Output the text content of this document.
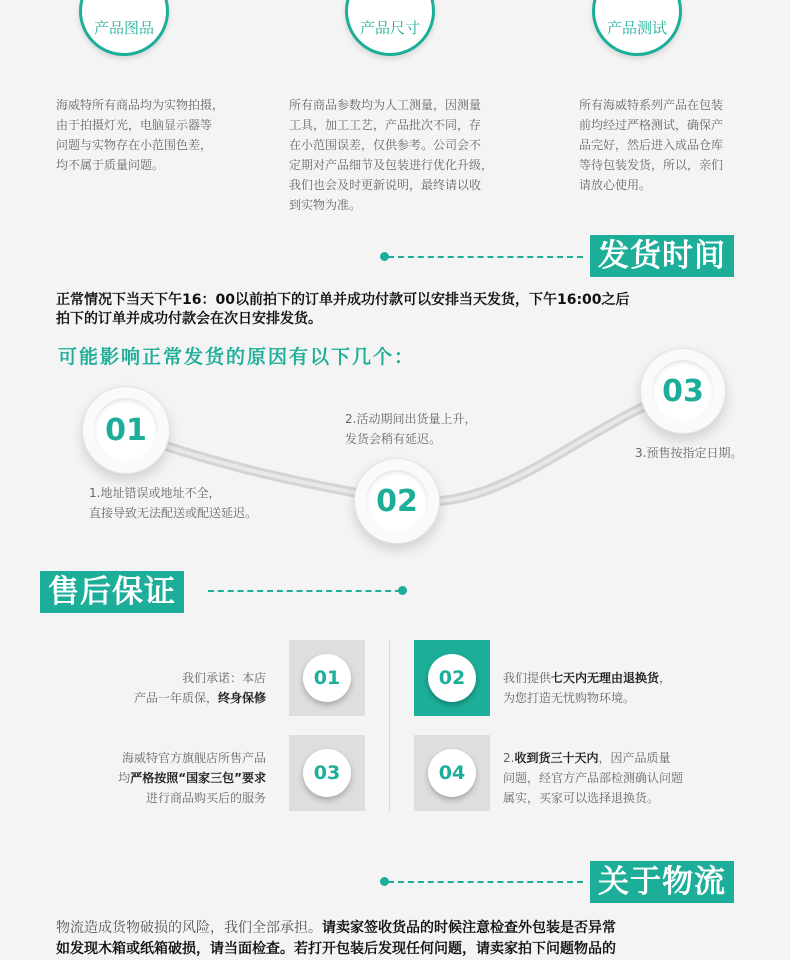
产品图品	产品尺寸	产品测试
海威特所有商品均为实物拍摄，
由于拍摄灯光，电脑显示器等
问题与实物存在小范围色差，
均不属于质量问题。
所有商品参数均为人工测量，因测量
工具，加工工艺，产品批次不同，存
在小范围误差，仅供参考。公司会不
定期对产品细节及包装进行优化升级，
我们也会及时更新说明，最终请以收
到实物为准。
所有海威特系列产品在包装
前均经过严格测试，确保产
品完好，然后进入成品仓库
等待包装发货，所以，亲们
请放心使用。
发货时间
正常情况下当天下午16：00以前拍下的订单并成功付款可以安排当天发货，下午16:00之后
拍下的订单并成功付款会在次日安排发货。
可能影响正常发货的原因有以下几个：
01
02
03
1.地址错误或地址不全，
直接导致无法配送或配送延迟。
2.活动期间出货量上升，
发货会稍有延迟。
3.预售按指定日期。
售后保证
我们承诺：本店
产品一年质保，终身保修
01	02	我们提供七天内无理由退换货，
为您打造无忧购物环境。
海威特官方旗舰店所售产品
均严格按照“国家三包”要求
进行商品购买后的服务
03	04
2.收到货三十天内，因产品质量
问题，经官方产品部检测确认问题
属实，买家可以选择退换货。
关于物流
物流造成货物破损的风险，我们全部承担。请卖家签收货品的时候注意检查外包装是否异常
如发现木箱或纸箱破损，请当面检查。若打开包装后发现任何问题，请卖家拍下问题物品的
